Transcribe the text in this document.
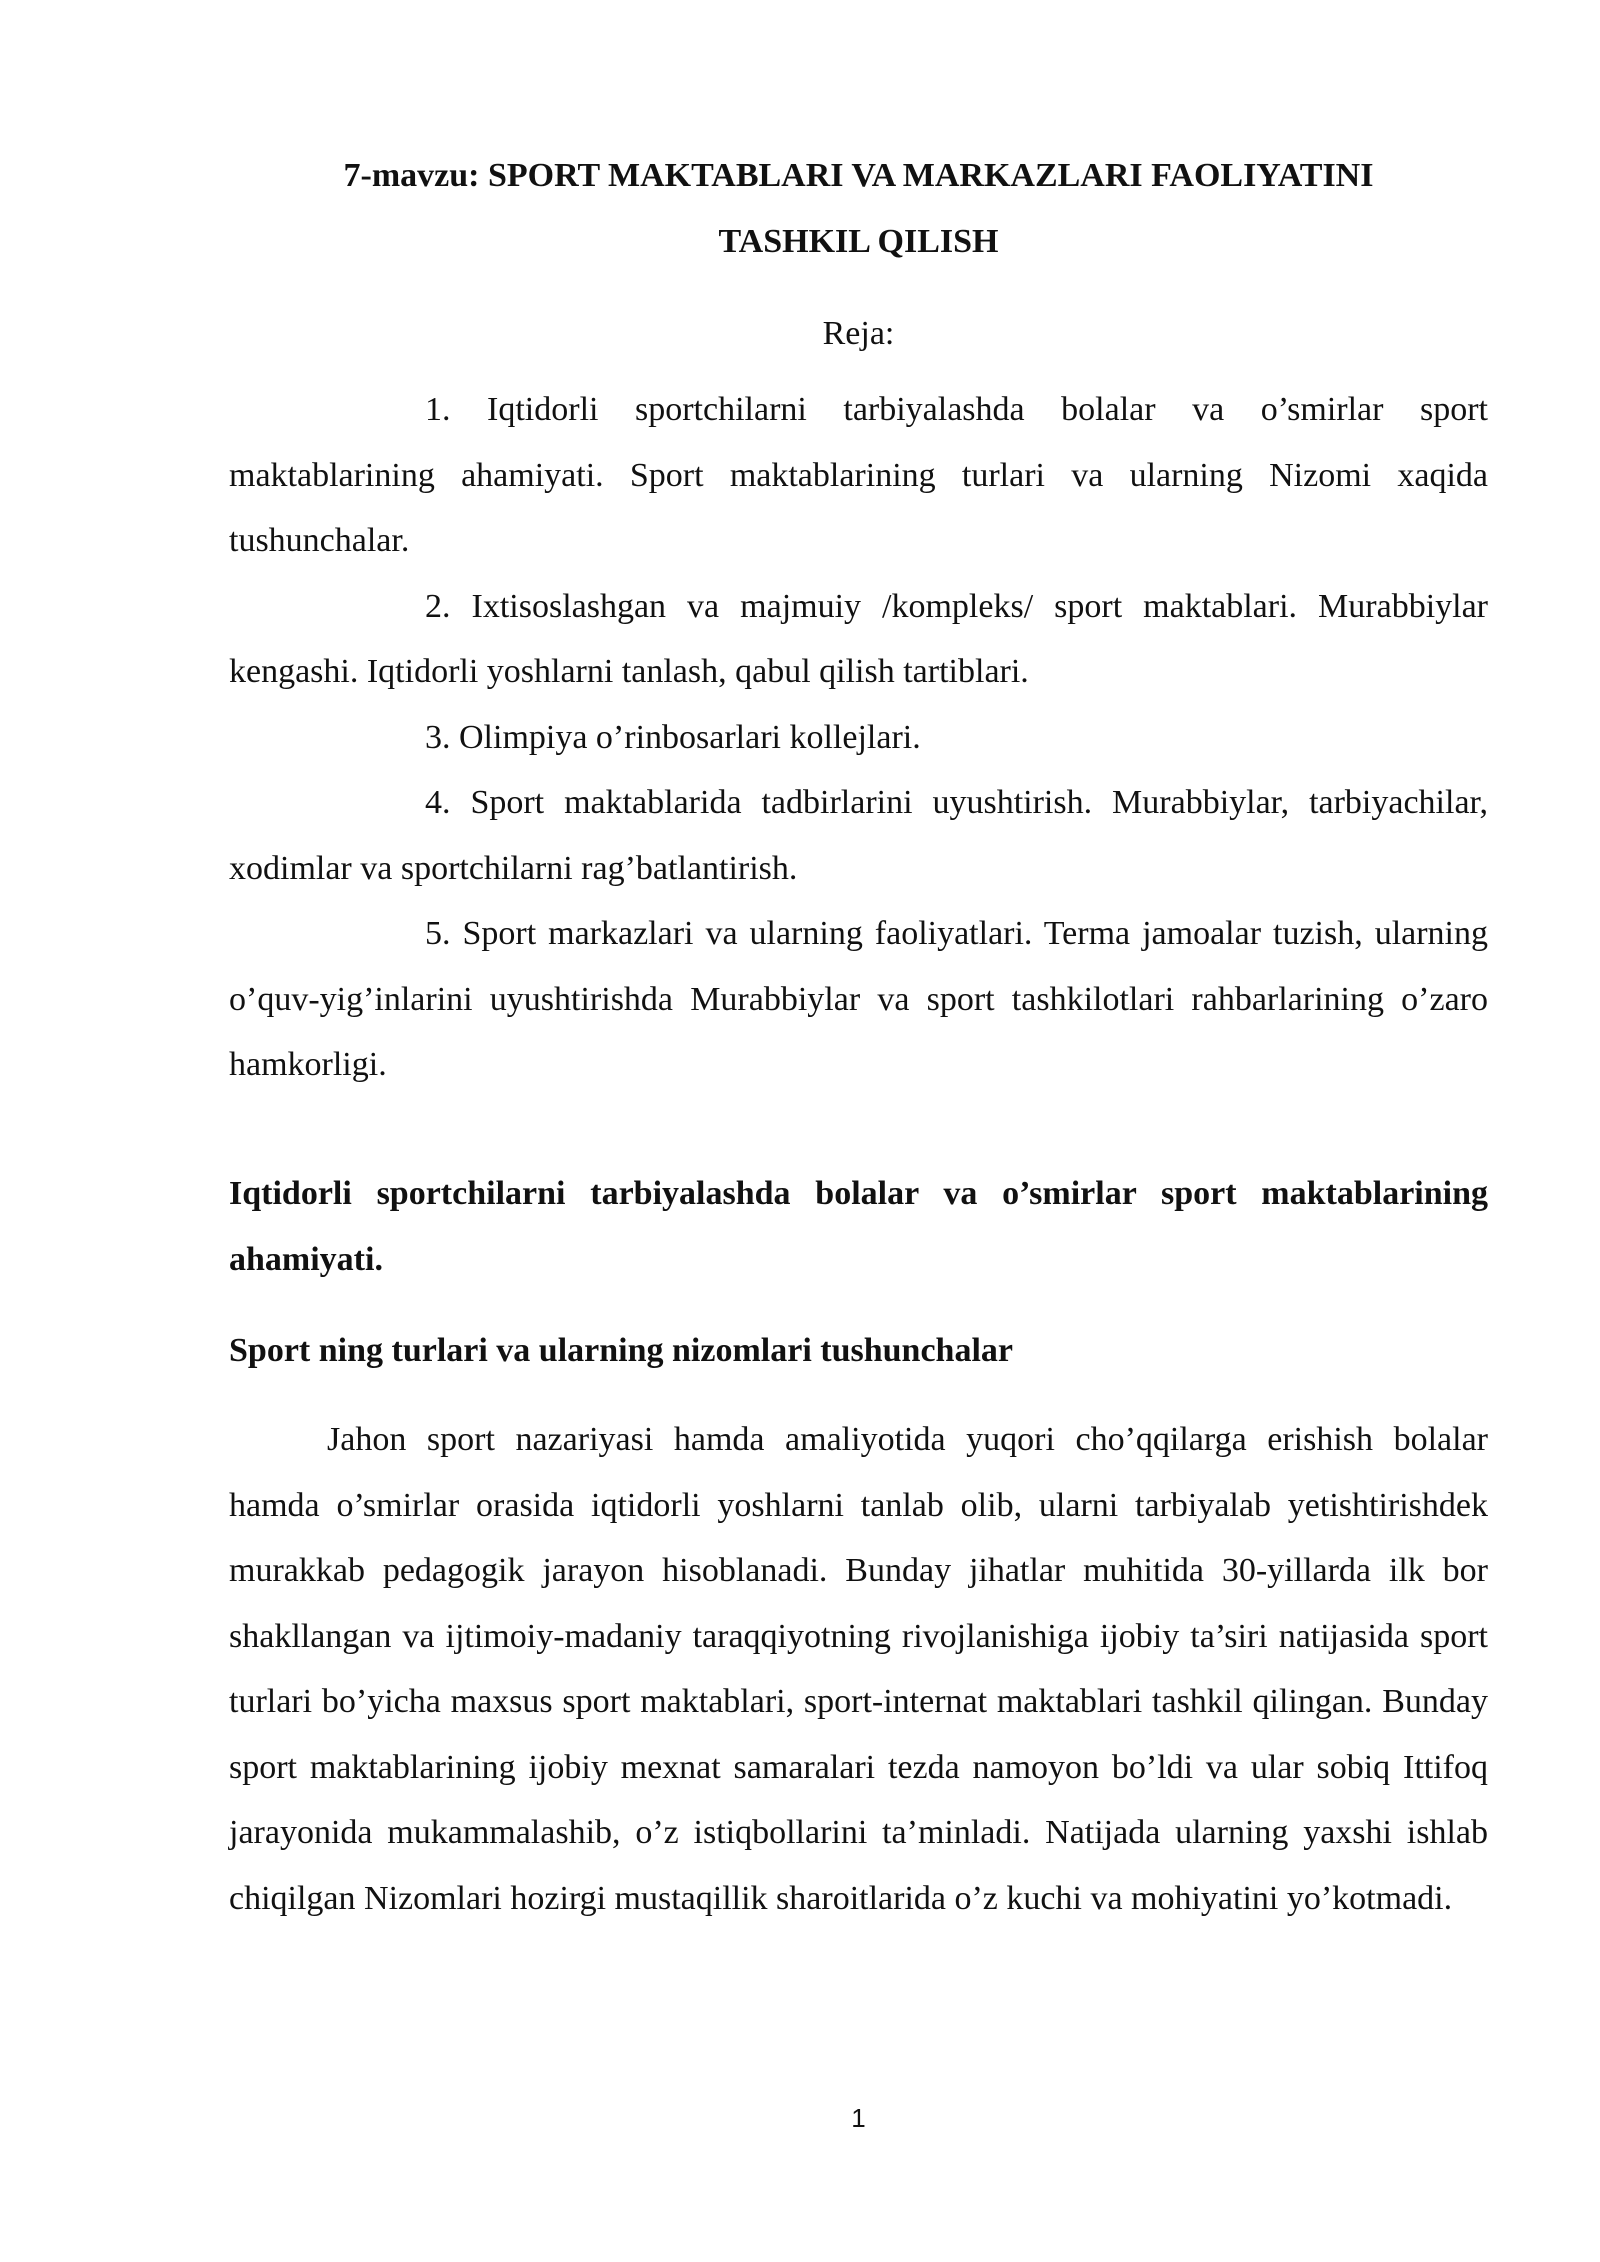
7-mavzu: SPORT MAKTABLARI VA MARKAZLARI FAOLIYATINI
TASHKIL QILISH
Reja:

1. Iqtidorli sportchilarni tarbiyalashda bolalar va o’smirlar sport maktablarining ahamiyati. Sport maktablarining turlari va ularning Nizomi xaqida tushunchalar.

2. Ixtisoslashgan va majmuiy /kompleks/ sport maktablari. Murabbiylar kengashi. Iqtidorli yoshlarni tanlash, qabul qilish tartiblari.

3. Olimpiya o’rinbosarlari kollejlari.

4. Sport maktablarida tadbirlarini uyushtirish. Murabbiylar, tarbiyachilar, xodimlar va sportchilarni rag’batlantirish.

5. Sport markazlari va ularning faoliyatlari. Terma jamoalar tuzish, ularning o’quv-yig’inlarini uyushtirishda Murabbiylar va sport tashkilotlari rahbarlarining o’zaro hamkorligi.

Iqtidorli sportchilarni tarbiyalashda bolalar va o’smirlar sport maktablarining ahamiyati.
Sport ning turlari va ularning nizomlari tushunchalar

Jahon sport nazariyasi hamda amaliyotida yuqori cho’qqilarga erishish bolalar hamda o’smirlar orasida iqtidorli yoshlarni tanlab olib, ularni tarbiyalab yetishtirishdek murakkab pedagogik jarayon hisoblanadi. Bunday jihatlar muhitida 30-yillarda ilk bor shakllangan va ijtimoiy-madaniy taraqqiyotning rivojlanishiga ijobiy ta’siri natijasida sport turlari bo’yicha maxsus sport maktablari, sport-internat maktablari tashkil qilingan. Bunday sport maktablarining ijobiy mexnat samaralari tezda namoyon bo’ldi va ular sobiq Ittifoq jarayonida mukammalashib, o’z istiqbollarini ta’minladi. Natijada ularning yaxshi ishlab chiqilgan Nizomlari hozirgi mustaqillik sharoitlarida o’z kuchi va mohiyatini yo’kotmadi.

1
